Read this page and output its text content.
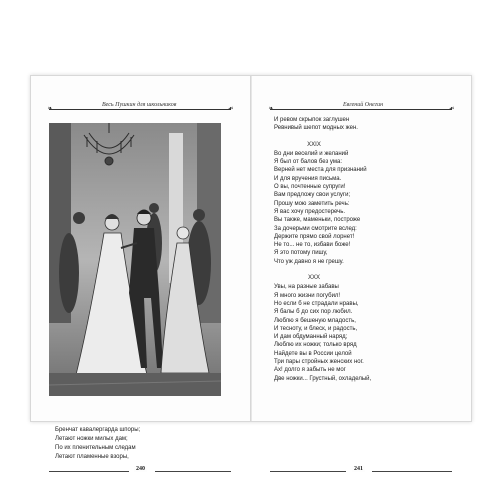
❧
Весь Пушкин для школьников
☙
Бренчат кавалергарда шпоры;
Летают ножки милых дам;
По их пленительным следам
Летают пламенные взоры,
240
❧
Евгений Онегин
☙
И ревом скрыпок заглушен
Ревнивый шепот модных жен.
XXIX
Во дни веселий и желаний
Я был от балов без ума:
Верней нет места для признаний
И для вручения письма.
О вы, почтенные супруги!
Вам предложу свои услуги;
Прошу мою заметить речь:
Я вас хочу предостеречь.
Вы также, маменьки, построже
За дочерьми смотрите вслед:
Держите прямо свой лорнет!
Не то... не то, избави боже!
Я это потому пишу,
Что уж давно я не грешу.
XXX
Увы, на разные забавы
Я много жизни погубил!
Но если б не страдали нравы,
Я балы б до сих пор любил.
Люблю я бешеную младость,
И тесноту, и блеск, и радость,
И дам обдуманный наряд;
Люблю их ножки; только вряд
Найдете вы в России целой
Три пары стройных женских ног.
Ах! долго я забыть не мог
Две ножки... Грустный, охладелый,
241
